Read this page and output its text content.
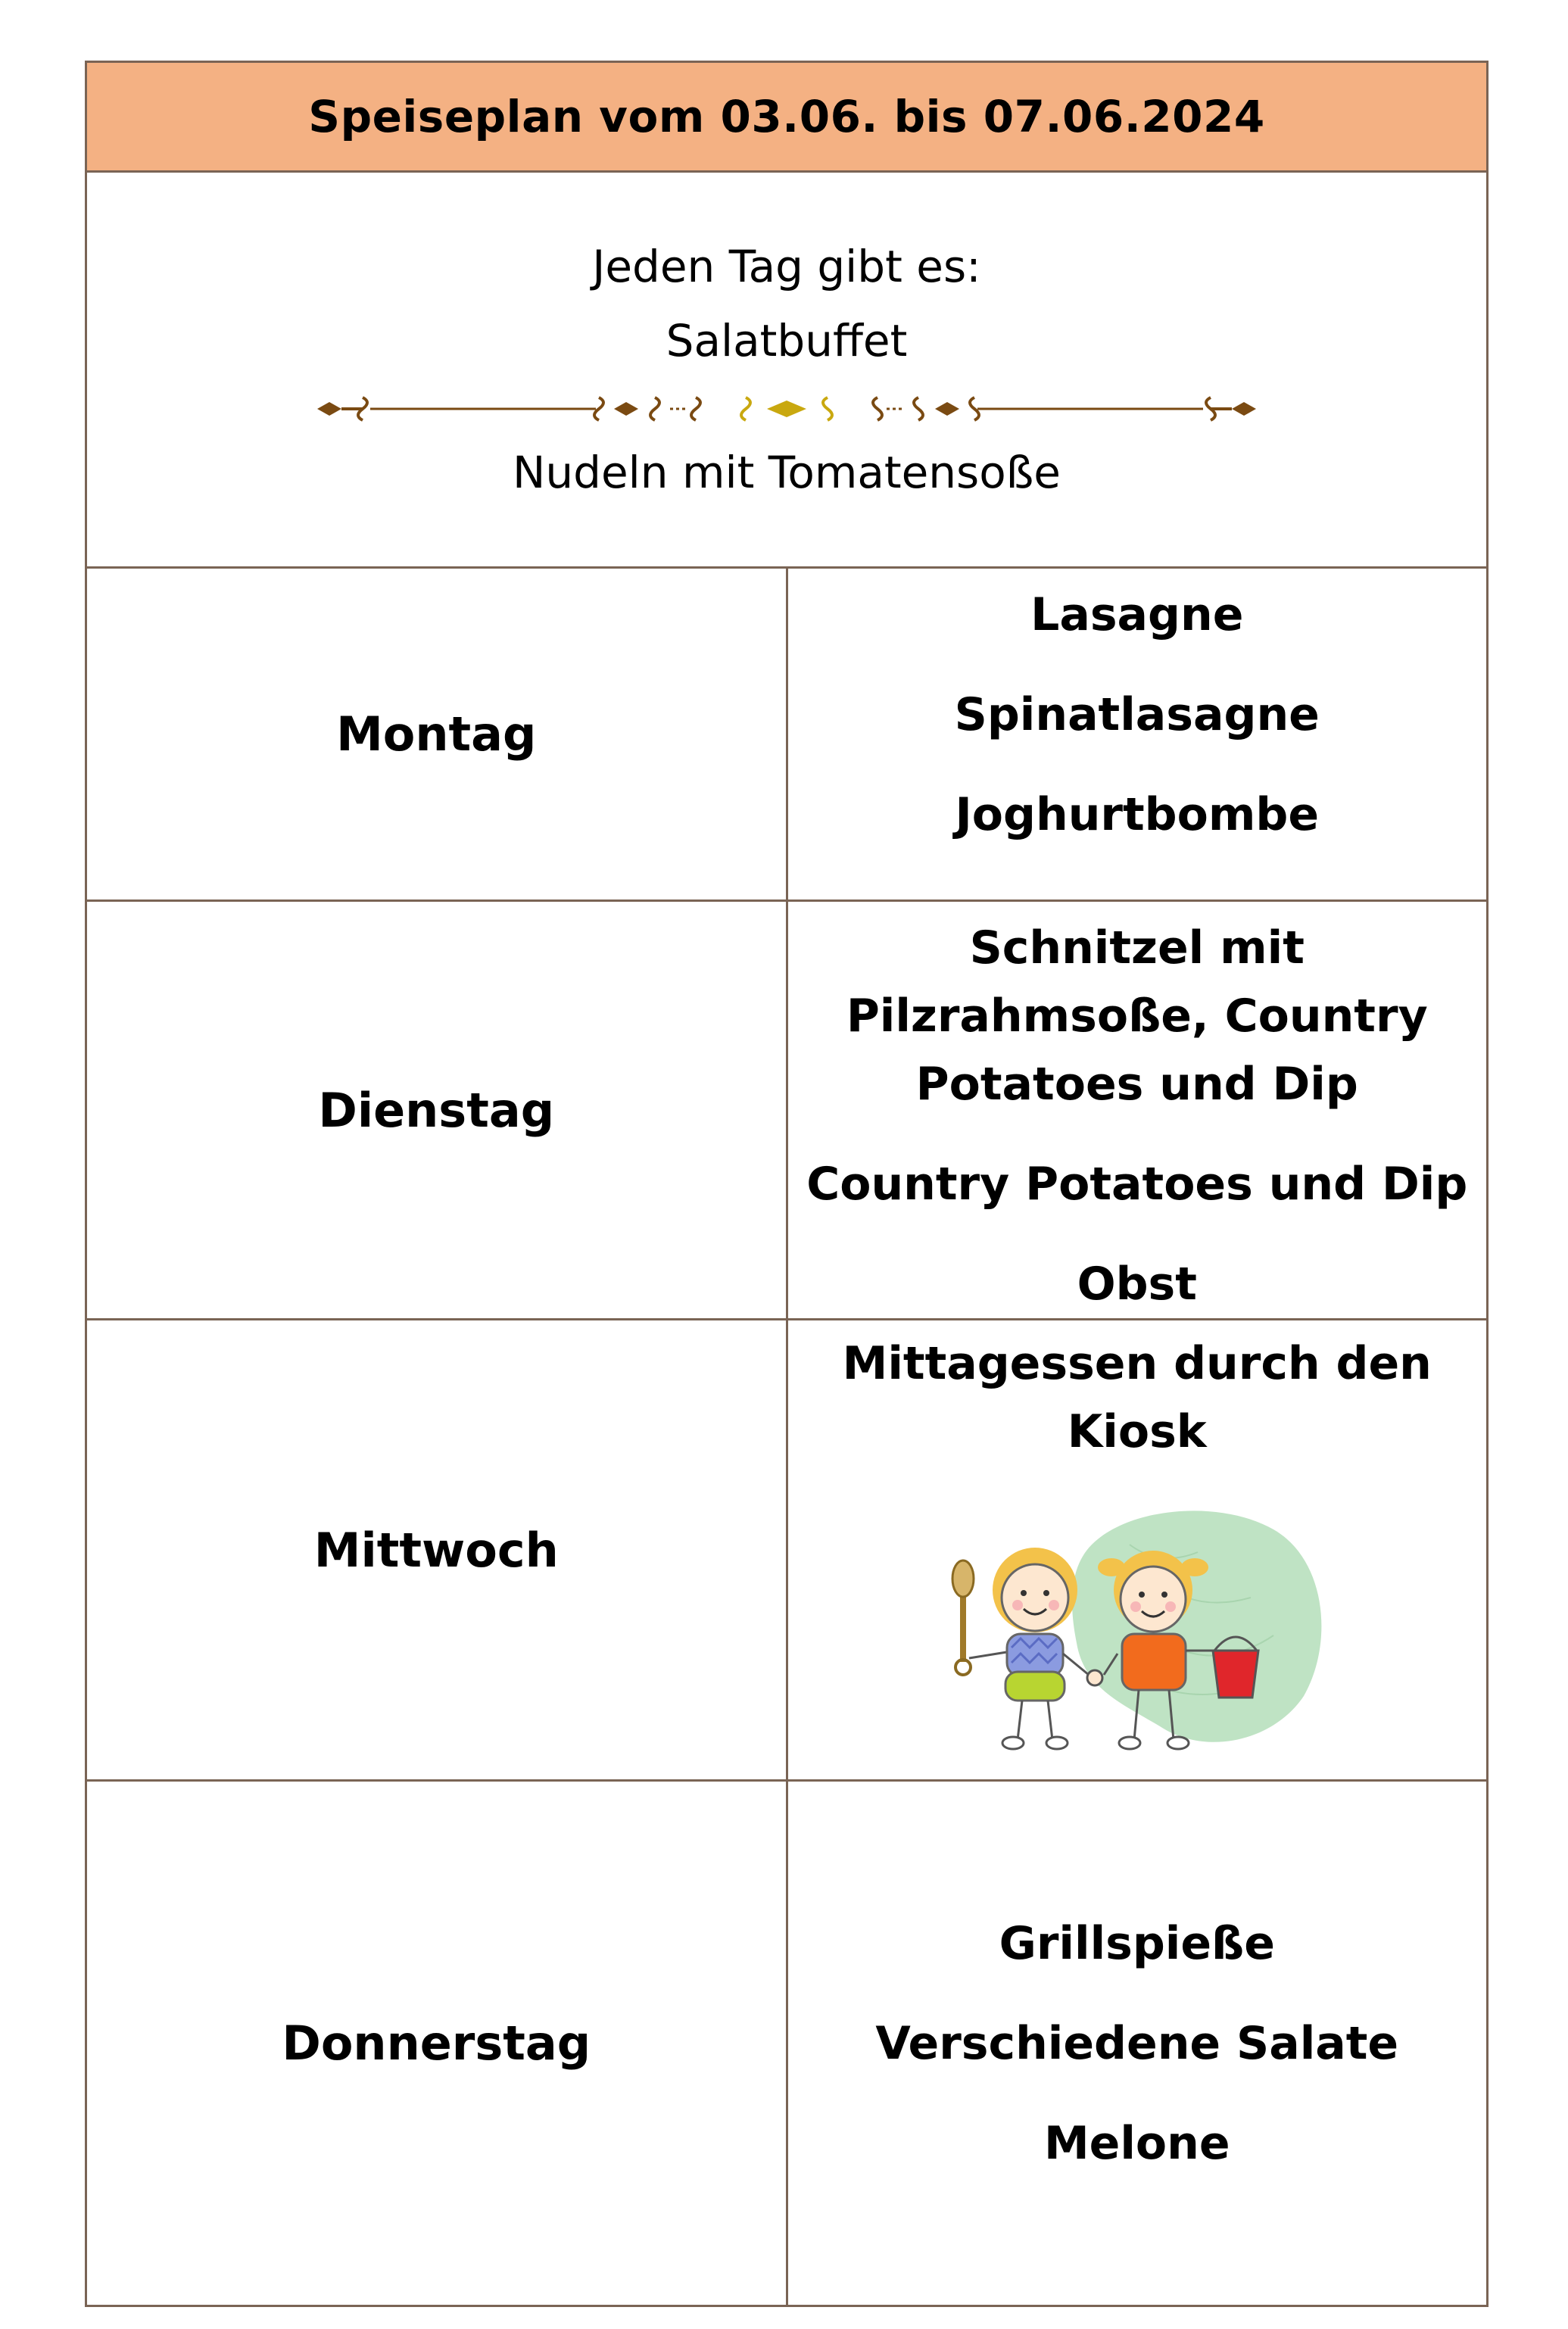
Speiseplan vom 03.06. bis 07.06.2024	

Jeden Tag gibt es:
Salatbuffet
Nudeln mit Tomatensoße	

Montag	Lasagne
Spinatlasagne
Joghurtbombe

Dienstag	Schnitzel mit Pilzrahmsoße, Country Potatoes und Dip
Country Potatoes und Dip
Obst

Mittwoch	Mittagessen durch den Kiosk

Donnerstag	Grillspieße
Verschiedene Salate
Melone
